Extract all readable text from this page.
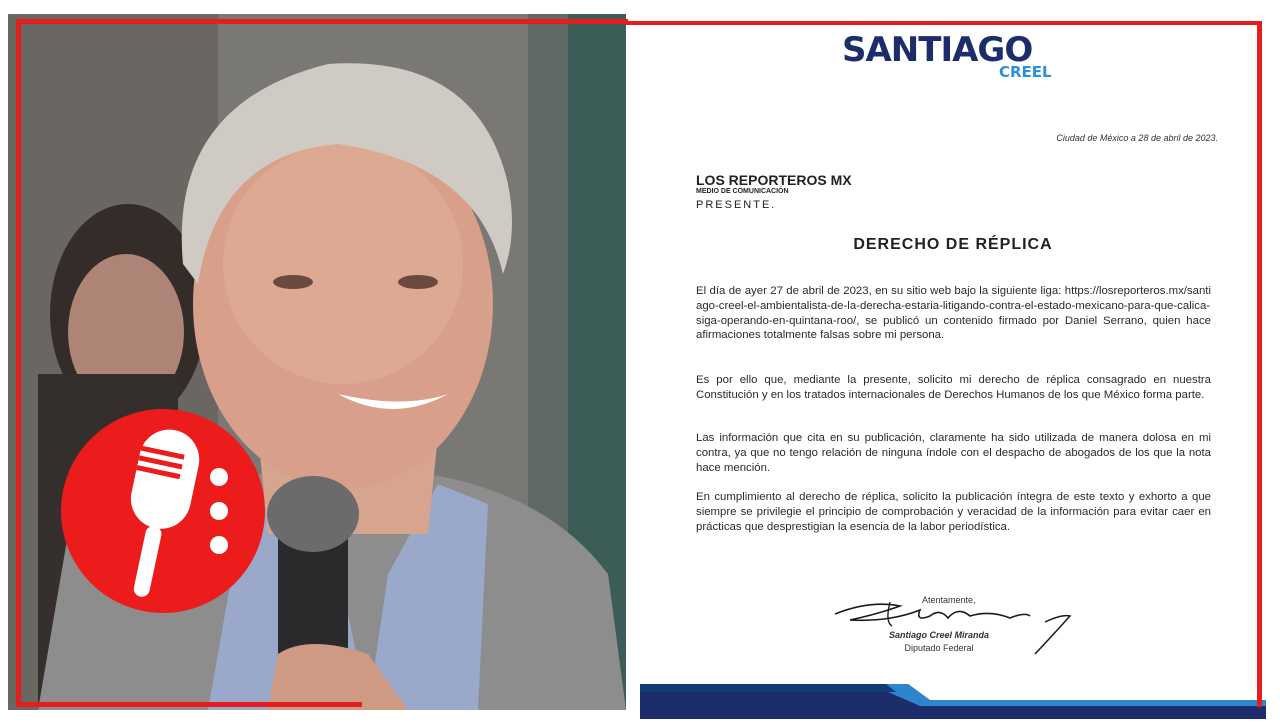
SANTIAGO
CREEL
Ciudad de México a 28 de abril de 2023.
LOS REPORTEROS MX
MEDIO DE COMUNICACIÓN
PRESENTE.
DERECHO DE RÉPLICA
El día de ayer 27 de abril de 2023, en su sitio web bajo la siguiente liga: https://losreporteros.mx/santiago-creel-el-ambientalista-de-la-derecha-estaria-litigando-contra-el-estado-mexicano-para-que-calica-siga-operando-en-quintana-roo/, se publicó un contenido firmado por Daniel Serrano, quien hace afirmaciones totalmente falsas sobre mi persona.
Es por ello que, mediante la presente, solicito mi derecho de réplica consagrado en nuestra Constitución y en los tratados internacionales de Derechos Humanos de los que México forma parte.
Las información que cita en su publicación, claramente ha sido utilizada de manera dolosa en mi contra, ya que no tengo relación de ninguna índole con el despacho de abogados de los que la nota hace mención.
En cumplimiento al derecho de réplica, solicito la publicación íntegra de este texto y exhorto a que siempre se privilegie el principio de comprobación y veracidad de la información para evitar caer en prácticas que desprestigian la esencia de la labor periodística.
Atentamente,
Santiago Creel Miranda
Diputado Federal
